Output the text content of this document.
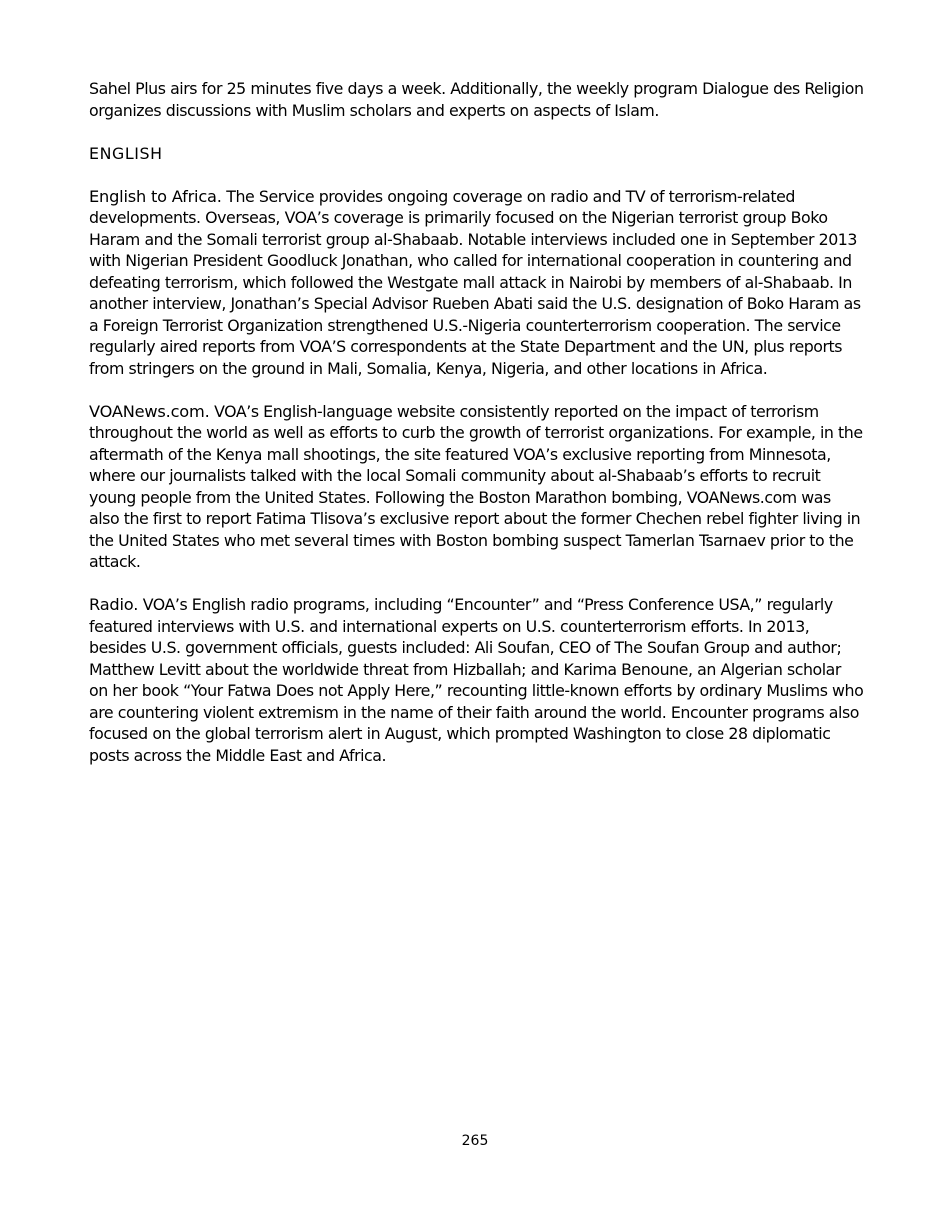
Sahel Plus airs for 25 minutes five days a week. Additionally, the weekly program Dialogue des Religion organizes discussions with Muslim scholars and experts on aspects of Islam.

ENGLISH

English to Africa. The Service provides ongoing coverage on radio and TV of terrorism-related developments. Overseas, VOA’s coverage is primarily focused on the Nigerian terrorist group Boko Haram and the Somali terrorist group al-Shabaab. Notable interviews included one in September 2013 with Nigerian President Goodluck Jonathan, who called for international cooperation in countering and defeating terrorism, which followed the Westgate mall attack in Nairobi by members of al-Shabaab. In another interview, Jonathan’s Special Advisor Rueben Abati said the U.S. designation of Boko Haram as a Foreign Terrorist Organization strengthened U.S.-Nigeria counterterrorism cooperation. The service regularly aired reports from VOA’S correspondents at the State Department and the UN, plus reports from stringers on the ground in Mali, Somalia, Kenya, Nigeria, and other locations in Africa.

VOANews.com. VOA’s English-language website consistently reported on the impact of terrorism throughout the world as well as efforts to curb the growth of terrorist organizations. For example, in the aftermath of the Kenya mall shootings, the site featured VOA’s exclusive reporting from Minnesota, where our journalists talked with the local Somali community about al-Shabaab’s efforts to recruit young people from the United States. Following the Boston Marathon bombing, VOANews.com was also the first to report Fatima Tlisova’s exclusive report about the former Chechen rebel fighter living in the United States who met several times with Boston bombing suspect Tamerlan Tsarnaev prior to the attack.

Radio. VOA’s English radio programs, including “Encounter” and “Press Conference USA,” regularly featured interviews with U.S. and international experts on U.S. counterterrorism efforts. In 2013, besides U.S. government officials, guests included: Ali Soufan, CEO of The Soufan Group and author; Matthew Levitt about the worldwide threat from Hizballah; and Karima Benoune, an Algerian scholar on her book “Your Fatwa Does not Apply Here,” recounting little-known efforts by ordinary Muslims who are countering violent extremism in the name of their faith around the world. Encounter programs also focused on the global terrorism alert in August, which prompted Washington to close 28 diplomatic posts across the Middle East and Africa.

265
